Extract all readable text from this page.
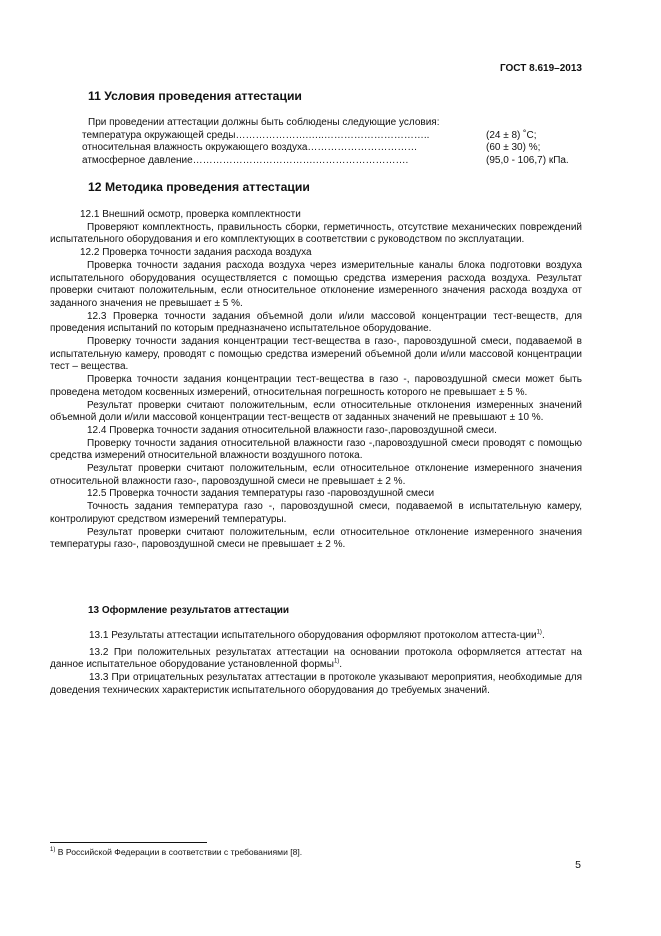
ГОСТ 8.619–2013
11 Условия проведения аттестации
При проведении аттестации должны быть соблюдены следующие условия:
температура окружающей среды………………….…..…………………………..	(24 ± 8) ˚С;
относительная влажность окружающего воздуха……………………………	(60 ± 30) %;
атмосферное давление……………………………….……………………….	(95,0 - 106,7) кПа.
12 Методика проведения аттестации

12.1 Внешний осмотр, проверка комплектности

Проверяют комплектность, правильность сборки, герметичность, отсутствие механических повреждений испытательного оборудования и его комплектующих в соответствии с руководством по эксплуатации.

12.2 Проверка точности задания расхода воздуха

Проверка точности задания расхода воздуха через измерительные каналы блока подготовки воздуха испытательного оборудования осуществляется с помощью средства измерения расхода воздуха. Результат проверки считают положительным, если относительное отклонение измеренного значения расхода воздуха от заданного значения не превышает ± 5 %.

12.3 Проверка точности задания объемной доли и/или массовой концентрации тест-веществ, для проведения испытаний по которым предназначено испытательное оборудование.

Проверку точности задания концентрации тест-вещества в газо-, паровоздушной смеси, подаваемой в испытательную камеру, проводят с помощью средства измерений объемной доли и/или массовой концентрации тест – вещества.

Проверка точности задания концентрации тест-вещества в газо -, паровоздушной смеси может быть проведена методом косвенных измерений, относительная погрешность которого не превышает ± 5 %.

Результат проверки считают положительным, если относительные отклонения измеренных значений объемной доли и/или массовой концентрации тест-веществ от заданных значений не превышают ± 10 %.

12.4 Проверка точности задания относительной влажности газо-,паровоздушной смеси.

Проверку точности задания относительной влажности газо -,паровоздушной смеси проводят с помощью средства измерений относительной влажности воздушного потока.

Результат проверки считают положительным, если относительное отклонение измеренного значения относительной влажности газо-, паровоздушной смеси не превышает ± 2 %.

12.5 Проверка точности задания температуры газо -паровоздушной смеси

Точность задания температура газо -, паровоздушной смеси, подаваемой в испытательную камеру, контролируют средством измерений температуры.

Результат проверки считают положительным, если относительное отклонение измеренного значения температуры газо-, паровоздушной смеси не превышает ± 2 %.

13 Оформление результатов аттестации

13.1 Результаты аттестации испытательного оборудования оформляют протоколом аттеста-ции$^{1)}$.

13.2 При положительных результатах аттестации на основании протокола оформляется аттестат на данное испытательное оборудование установленной формы$^{1)}$.

13.3 При отрицательных результатах аттестации в протоколе указывают мероприятия, необходимые для доведения технических характеристик испытательного оборудования до требуемых значений.

$^{1)}$ В Российской Федерации в соответствии с требованиями [8].
5
